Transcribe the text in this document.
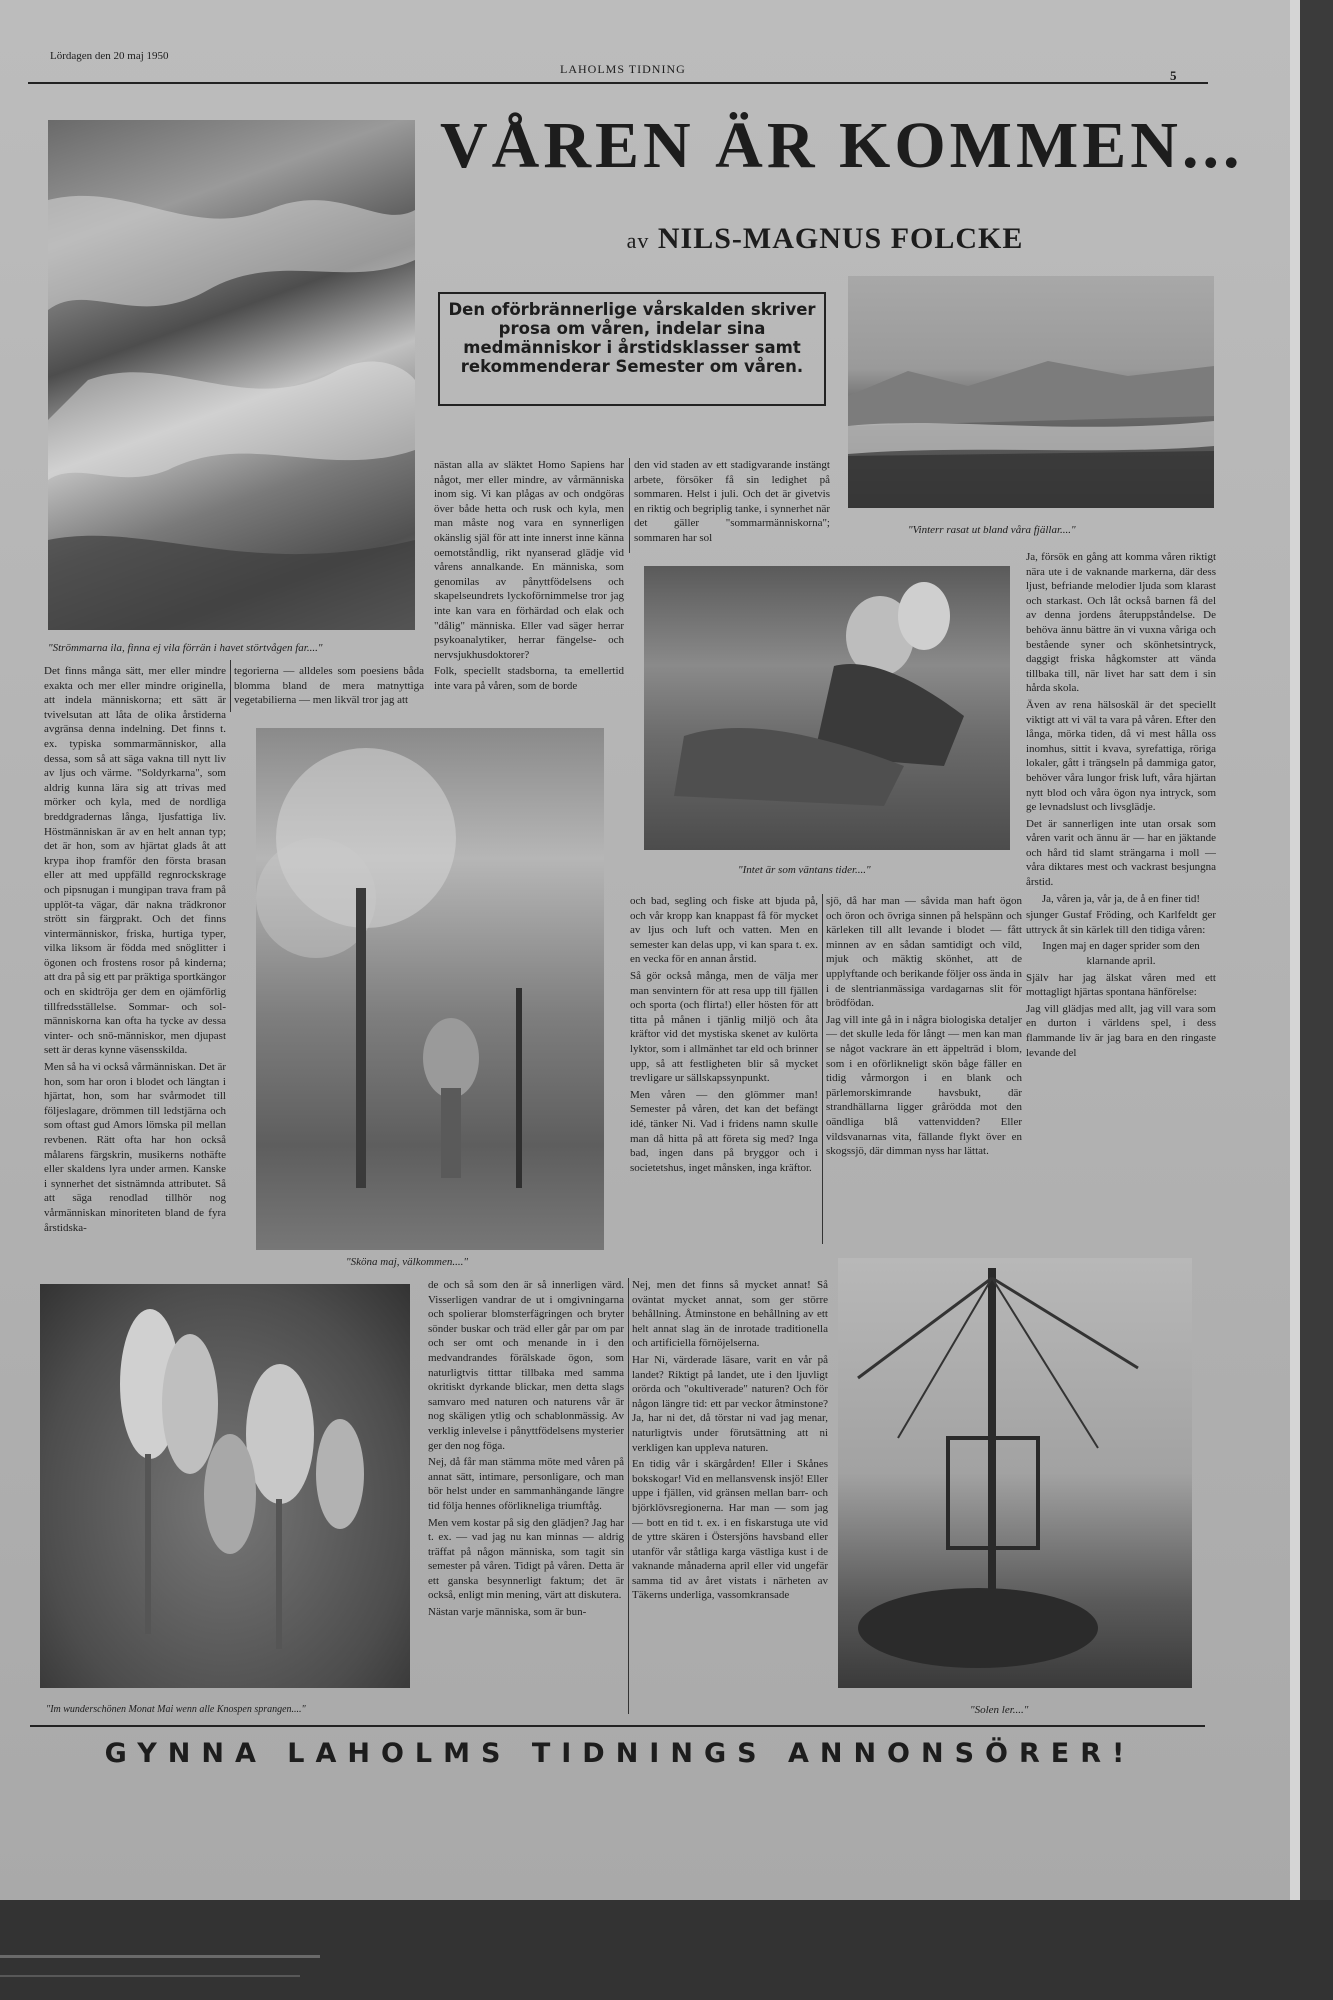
Lördagen den 20 maj 1950
LAHOLMS TIDNING	5
VÅREN ÄR KOMMEN...
av NILS-MAGNUS FOLCKE
Den oförbrännerlige vårskalden skriver prosa om våren, indelar sina medmänniskor i årstidsklasser samt rekommenderar Semester om våren.
"Strömmarna ila, finna ej vila förrän i havet störtvågen far...."
"Vinterr rasat ut bland våra fjällar...."
"Intet är som väntans tider...."
"Sköna maj, välkommen...."
"Im wunderschönen Monat Mai wenn alle Knospen sprangen...."	"Solen ler...."

Det finns många sätt, mer eller mindre exakta och mer eller mindre originella, att indela människorna; ett sätt är tvivelsutan att låta de olika årstiderna avgränsa denna indelning. Det finns t. ex. typiska sommarmänniskor, alla dessa, som så att säga vakna till nytt liv av ljus och värme. "Soldyrkarna", som aldrig kunna lära sig att trivas med mörker och kyla, med de nordliga breddgradernas långa, ljusfattiga liv. Höstmänniskan är av en helt annan typ; det är hon, som av hjärtat glads åt att krypa ihop framför den första brasan eller att med uppfälld regnrockskrage och pipsnugan i mungipan trava fram på upplöt-ta vägar, där nakna trädkronor strött sin färgprakt. Och det finns vintermänniskor, friska, hurtiga typer, vilka liksom är födda med snöglitter i ögonen och frostens rosor på kinderna; att dra på sig ett par präktiga sportkängor och en skidtröja ger dem en ojämförlig tillfredsställelse. Sommar- och sol-människorna kan ofta ha tycke av dessa vinter- och snö-människor, men djupast sett är deras kynne väsensskilda.

Men så ha vi också vårmänniskan. Det är hon, som har oron i blodet och längtan i hjärtat, hon, som har svårmodet till följeslagare, drömmen till ledstjärna och som oftast gud Amors lömska pil mellan revbenen. Rätt ofta har hon också målarens färgskrin, musikerns nothäfte eller skaldens lyra under armen. Kanske i synnerhet det sistnämnda attributet. Så att säga renodlad tillhör nog vårmänniskan minoriteten bland de fyra årstidska-

tegorierna — alldeles som poesiens båda blomma bland de mera matnyttiga vegetabilierna — men likväl tror jag att

nästan alla av släktet Homo Sapiens har något, mer eller mindre, av vårmänniska inom sig. Vi kan plågas av och ondgöras över både hetta och rusk och kyla, men man måste nog vara en synnerligen okänslig själ för att inte innerst inne känna oemotståndlig, rikt nyanserad glädje vid vårens annalkande. En människa, som genomilas av pånyttfödelsens och skapelseundrets lyckoförnimmelse tror jag inte kan vara en förhärdad och elak och "dålig" människa. Eller vad säger herrar psykoanalytiker, herrar fängelse- och nervsjukhusdoktorer?

Folk, speciellt stadsborna, ta emellertid inte vara på våren, som de borde

den vid staden av ett stadigvarande instängt arbete, försöker få sin ledighet på sommaren. Helst i juli. Och det är givetvis en riktig och begriplig tanke, i synnerhet när det gäller "sommarmänniskorna"; sommaren har sol

och bad, segling och fiske att bjuda på, och vår kropp kan knappast få för mycket av ljus och luft och vatten. Men en semester kan delas upp, vi kan spara t. ex. en vecka för en annan årstid.

Så gör också många, men de välja mer man senvintern för att resa upp till fjällen och sporta (och flirta!) eller hösten för att titta på månen i tjänlig miljö och åta kräftor vid det mystiska skenet av kulörta lyktor, som i allmänhet tar eld och brinner upp, så att festligheten blir så mycket trevligare ur sällskapssynpunkt.

Men våren — den glömmer man! Semester på våren, det kan det befängt idé, tänker Ni. Vad i fridens namn skulle man då hitta på att företa sig med? Inga bad, ingen dans på bryggor och i societetshus, inget månsken, inga kräftor.

sjö, då har man — såvida man haft ögon och öron och övriga sinnen på helspänn och kärleken till allt levande i blodet — fått minnen av en sådan samtidigt och vild, mjuk och mäktig skönhet, att de upplyftande och berikande följer oss ända in i de slentrianmässiga vardagarnas slit för brödfödan.

Jag vill inte gå in i några biologiska detaljer — det skulle leda för långt — men kan man se något vackrare än ett äppelträd i blom, som i en oförlikneligt skön båge fäller en tidig vårmorgon i en blank och pärlemorskimrande havsbukt, där strandhällarna ligger grårödda mot den oändliga blå vattenvidden? Eller vildsvanarnas vita, fällande flykt över en skogssjö, där dimman nyss har lättat.

Ja, försök en gång att komma våren riktigt nära ute i de vaknande markerna, där dess ljust, befriande melodier ljuda som klarast och starkast. Och låt också barnen få del av denna jordens återuppståndelse. De behöva ännu bättre än vi vuxna våriga och bestående syner och skönhetsintryck, daggigt friska hågkomster att vända tillbaka till, när livet har satt dem i sin hårda skola.

Även av rena hälsoskäl är det speciellt viktigt att vi väl ta vara på våren. Efter den långa, mörka tiden, då vi mest hålla oss inomhus, sittit i kvava, syrefattiga, röriga lokaler, gått i trängseln på dammiga gator, behöver våra lungor frisk luft, våra hjärtan nytt blod och våra ögon nya intryck, som ge levnadslust och livsglädje.

Det är sannerligen inte utan orsak som våren varit och ännu är — har en jäktande och hård tid slamt strängarna i moll — våra diktares mest och vackrast besjungna årstid.

Ja, våren ja, vår ja, de å en finer tid!

sjunger Gustaf Fröding, och Karlfeldt ger uttryck åt sin kärlek till den tidiga våren:

Ingen maj en dager sprider som den klarnande april.

Själv har jag älskat våren med ett mottagligt hjärtas spontana hänförelse:

Jag vill glädjas med allt, jag vill vara som en durton i världens spel, i dess flammande liv är jag bara en den ringaste levande del

de och så som den är så innerligen värd. Visserligen vandrar de ut i omgivningarna och spolierar blomsterfägringen och bryter sönder buskar och träd eller går par om par och ser omt och menande in i den medvandrandes förälskade ögon, som naturligtvis titttar tillbaka med samma okritiskt dyrkande blickar, men detta slags samvaro med naturen och naturens vår är nog skäligen ytlig och schablonmässig. Av verklig inlevelse i pånyttfödelsens mysterier ger den nog föga.

Nej, då får man stämma möte med våren på annat sätt, intimare, personligare, och man bör helst under en sammanhängande längre tid följa hennes oförlikneliga triumftåg.

Men vem kostar på sig den glädjen? Jag har t. ex. — vad jag nu kan minnas — aldrig träffat på någon människa, som tagit sin semester på våren. Tidigt på våren. Detta är ett ganska besynnerligt faktum; det är också, enligt min mening, värt att diskutera.

Nästan varje människa, som är bun-

Nej, men det finns så mycket annat! Så oväntat mycket annat, som ger större behållning. Åtminstone en behållning av ett helt annat slag än de inrotade traditionella och artificiella förnöjelserna.

Har Ni, värderade läsare, varit en vår på landet? Riktigt på landet, ute i den ljuvligt orörda och "okultiverade" naturen? Och för någon längre tid: ett par veckor åtminstone? Ja, har ni det, då törstar ni vad jag menar, naturligtvis under förutsättning att ni verkligen kan uppleva naturen.

En tidig vår i skärgården! Eller i Skånes bokskogar! Vid en mellansvensk insjö! Eller uppe i fjällen, vid gränsen mellan barr- och björklövsregionerna. Har man — som jag — bott en tid t. ex. i en fiskarstuga ute vid de yttre skären i Östersjöns havsband eller utanför vår ståtliga karga västliga kust i de vaknande månaderna april eller vid ungefär samma tid av året vistats i närheten av Täkerns underliga, vassomkransade

GYNNA LAHOLMS TIDNINGS ANNONSÖRER!
